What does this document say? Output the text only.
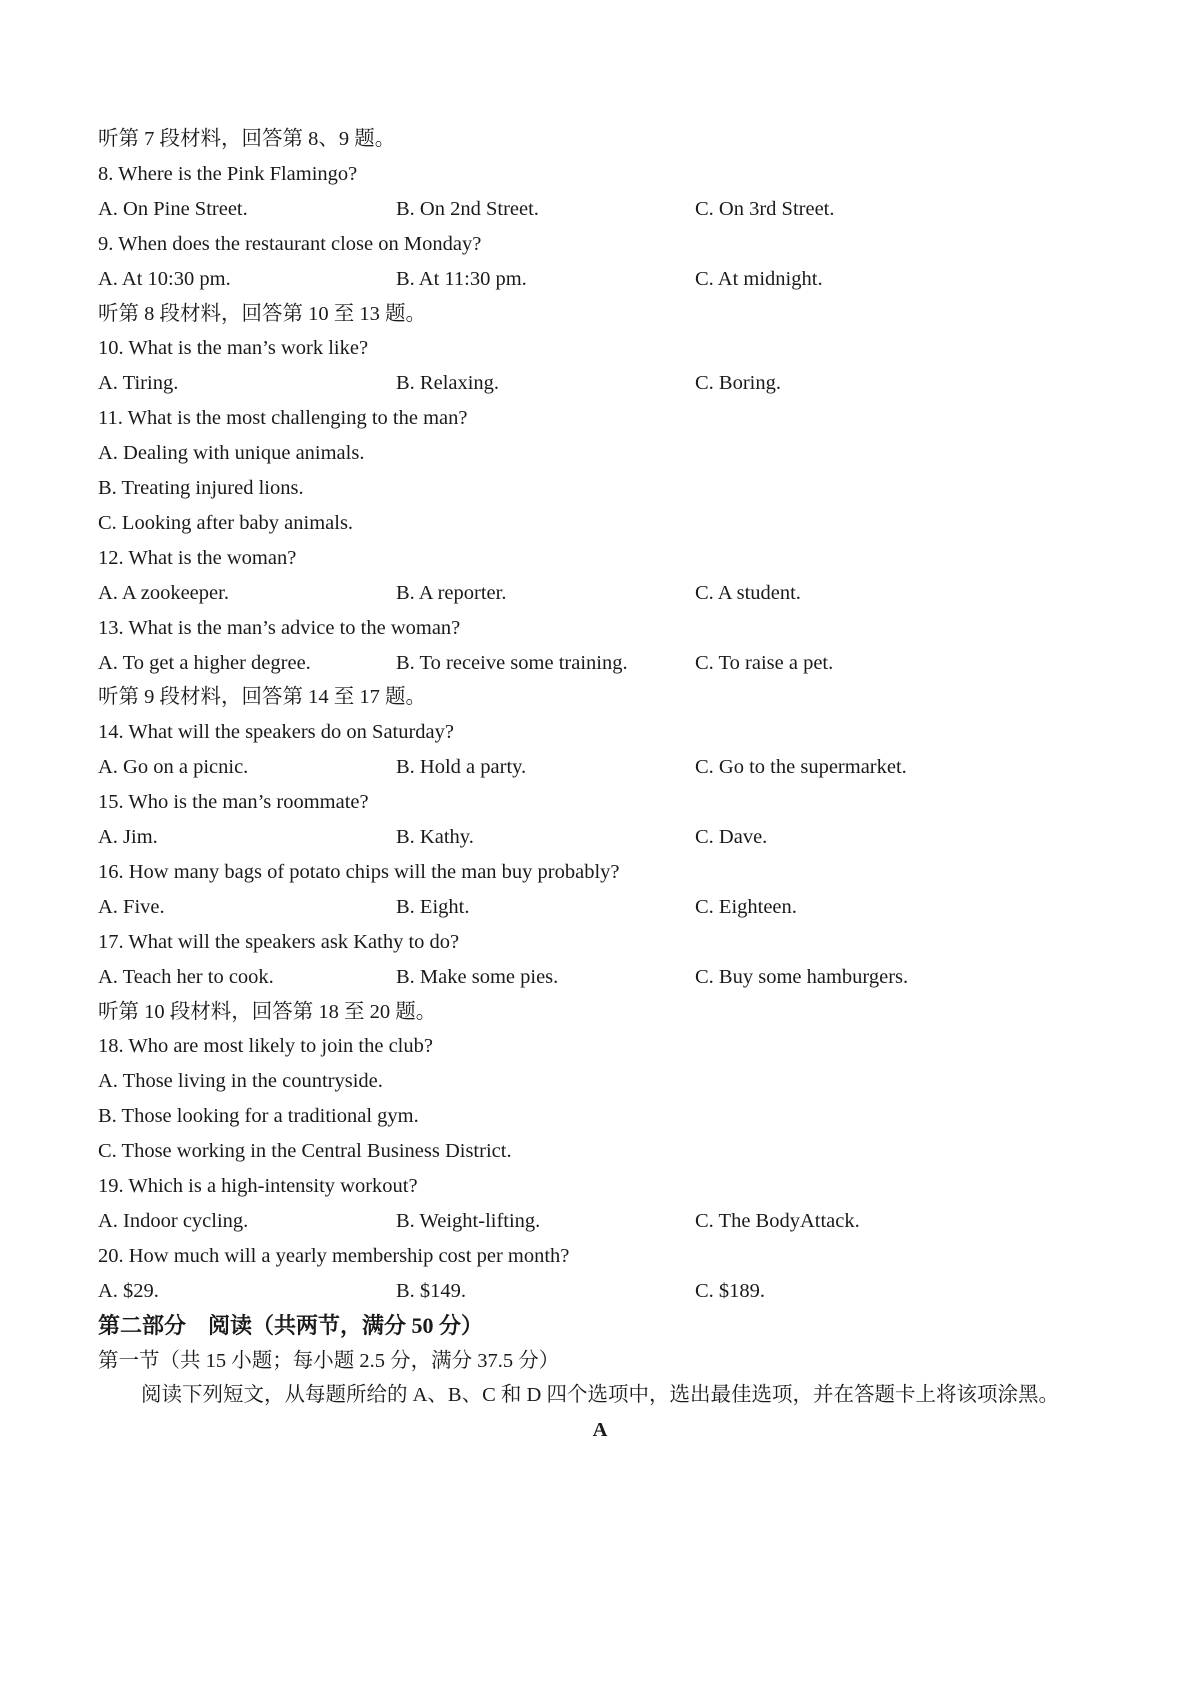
听第 7 段材料，回答第 8、9 题。
8. Where is the Pink Flamingo?
A. On Pine Street.	B. On 2nd Street.	C. On 3rd Street.
9. When does the restaurant close on Monday?
A. At 10:30 pm.	B. At 11:30 pm.	C. At midnight.
听第 8 段材料，回答第 10 至 13 题。
10. What is the man’s work like?
A. Tiring.	B. Relaxing.	C. Boring.
11. What is the most challenging to the man?
A. Dealing with unique animals.
B. Treating injured lions.
C. Looking after baby animals.
12. What is the woman?
A. A zookeeper.	B. A reporter.	C. A student.
13. What is the man’s advice to the woman?
A. To get a higher degree.	B. To receive some training.	C. To raise a pet.
听第 9 段材料，回答第 14 至 17 题。
14. What will the speakers do on Saturday?
A. Go on a picnic.	B. Hold a party.	C. Go to the supermarket.
15. Who is the man’s roommate?
A. Jim.	B. Kathy.	C. Dave.
16. How many bags of potato chips will the man buy probably?
A. Five.	B. Eight.	C. Eighteen.
17. What will the speakers ask Kathy to do?
A. Teach her to cook.	B. Make some pies.	C. Buy some hamburgers.
听第 10 段材料，回答第 18 至 20 题。
18. Who are most likely to join the club?
A. Those living in the countryside.
B. Those looking for a traditional gym.
C. Those working in the Central Business District.
19. Which is a high-intensity workout?
A. Indoor cycling.	B. Weight-lifting.	C. The BodyAttack.
20. How much will a yearly membership cost per month?
A. $29.	B. $149.	C. $189.
第二部分　阅读（共两节，满分 50 分）
第一节（共 15 小题；每小题 2.5 分，满分 37.5 分）
阅读下列短文，从每题所给的 A、B、C 和 D 四个选项中，选出最佳选项，并在答题卡上将该项涂黑。
A
